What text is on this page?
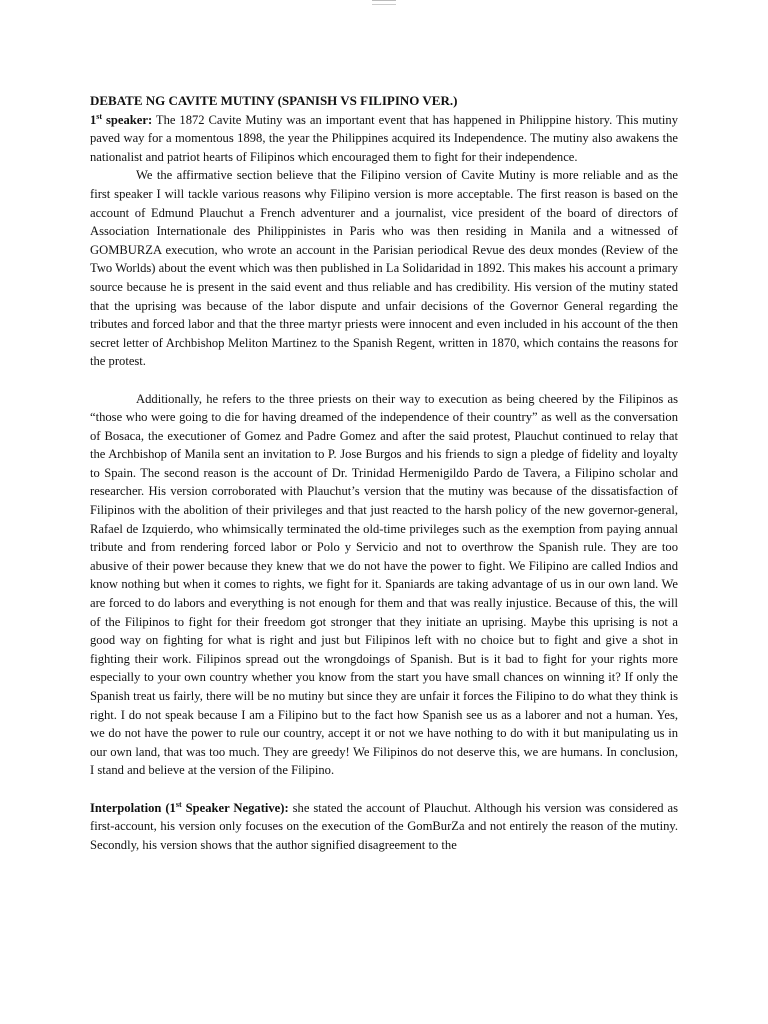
DEBATE NG CAVITE MUTINY (SPANISH VS FILIPINO VER.)

1st speaker: The 1872 Cavite Mutiny was an important event that has happened in Philippine history. This mutiny paved way for a momentous 1898, the year the Philippines acquired its Independence. The mutiny also awakens the nationalist and patriot hearts of Filipinos which encouraged them to fight for their independence.

We the affirmative section believe that the Filipino version of Cavite Mutiny is more reliable and as the first speaker I will tackle various reasons why Filipino version is more acceptable. The first reason is based on the account of Edmund Plauchut a French adventurer and a journalist, vice president of the board of directors of Association Internationale des Philippinistes in Paris who was then residing in Manila and a witnessed of GOMBURZA execution, who wrote an account in the Parisian periodical Revue des deux mondes (Review of the Two Worlds) about the event which was then published in La Solidaridad in 1892. This makes his account a primary source because he is present in the said event and thus reliable and has credibility. His version of the mutiny stated that the uprising was because of the labor dispute and unfair decisions of the Governor General regarding the tributes and forced labor and that the three martyr priests were innocent and even included in his account of the then secret letter of Archbishop Meliton Martinez to the Spanish Regent, written in 1870, which contains the reasons for the protest.

Additionally, he refers to the three priests on their way to execution as being cheered by the Filipinos as “those who were going to die for having dreamed of the independence of their country” as well as the conversation of Bosaca, the executioner of Gomez and Padre Gomez and after the said protest, Plauchut continued to relay that the Archbishop of Manila sent an invitation to P. Jose Burgos and his friends to sign a pledge of fidelity and loyalty to Spain. The second reason is the account of Dr. Trinidad Hermenigildo Pardo de Tavera, a Filipino scholar and researcher. His version corroborated with Plauchut’s version that the mutiny was because of the dissatisfaction of Filipinos with the abolition of their privileges and that just reacted to the harsh policy of the new governor-general, Rafael de Izquierdo, who whimsically terminated the old-time privileges such as the exemption from paying annual tribute and from rendering forced labor or Polo y Servicio and not to overthrow the Spanish rule. They are too abusive of their power because they knew that we do not have the power to fight. We Filipino are called Indios and know nothing but when it comes to rights, we fight for it. Spaniards are taking advantage of us in our own land. We are forced to do labors and everything is not enough for them and that was really injustice. Because of this, the will of the Filipinos to fight for their freedom got stronger that they initiate an uprising. Maybe this uprising is not a good way on fighting for what is right and just but Filipinos left with no choice but to fight and give a shot in fighting their work. Filipinos spread out the wrongdoings of Spanish. But is it bad to fight for your rights more especially to your own country whether you know from the start you have small chances on winning it? If only the Spanish treat us fairly, there will be no mutiny but since they are unfair it forces the Filipino to do what they think is right. I do not speak because I am a Filipino but to the fact how Spanish see us as a laborer and not a human. Yes, we do not have the power to rule our country, accept it or not we have nothing to do with it but manipulating us in our own land, that was too much. They are greedy! We Filipinos do not deserve this, we are humans. In conclusion, I stand and believe at the version of the Filipino.

Interpolation (1st Speaker Negative): she stated the account of Plauchut. Although his version was considered as first-account, his version only focuses on the execution of the GomBurZa and not entirely the reason of the mutiny. Secondly, his version shows that the author signified disagreement to the
